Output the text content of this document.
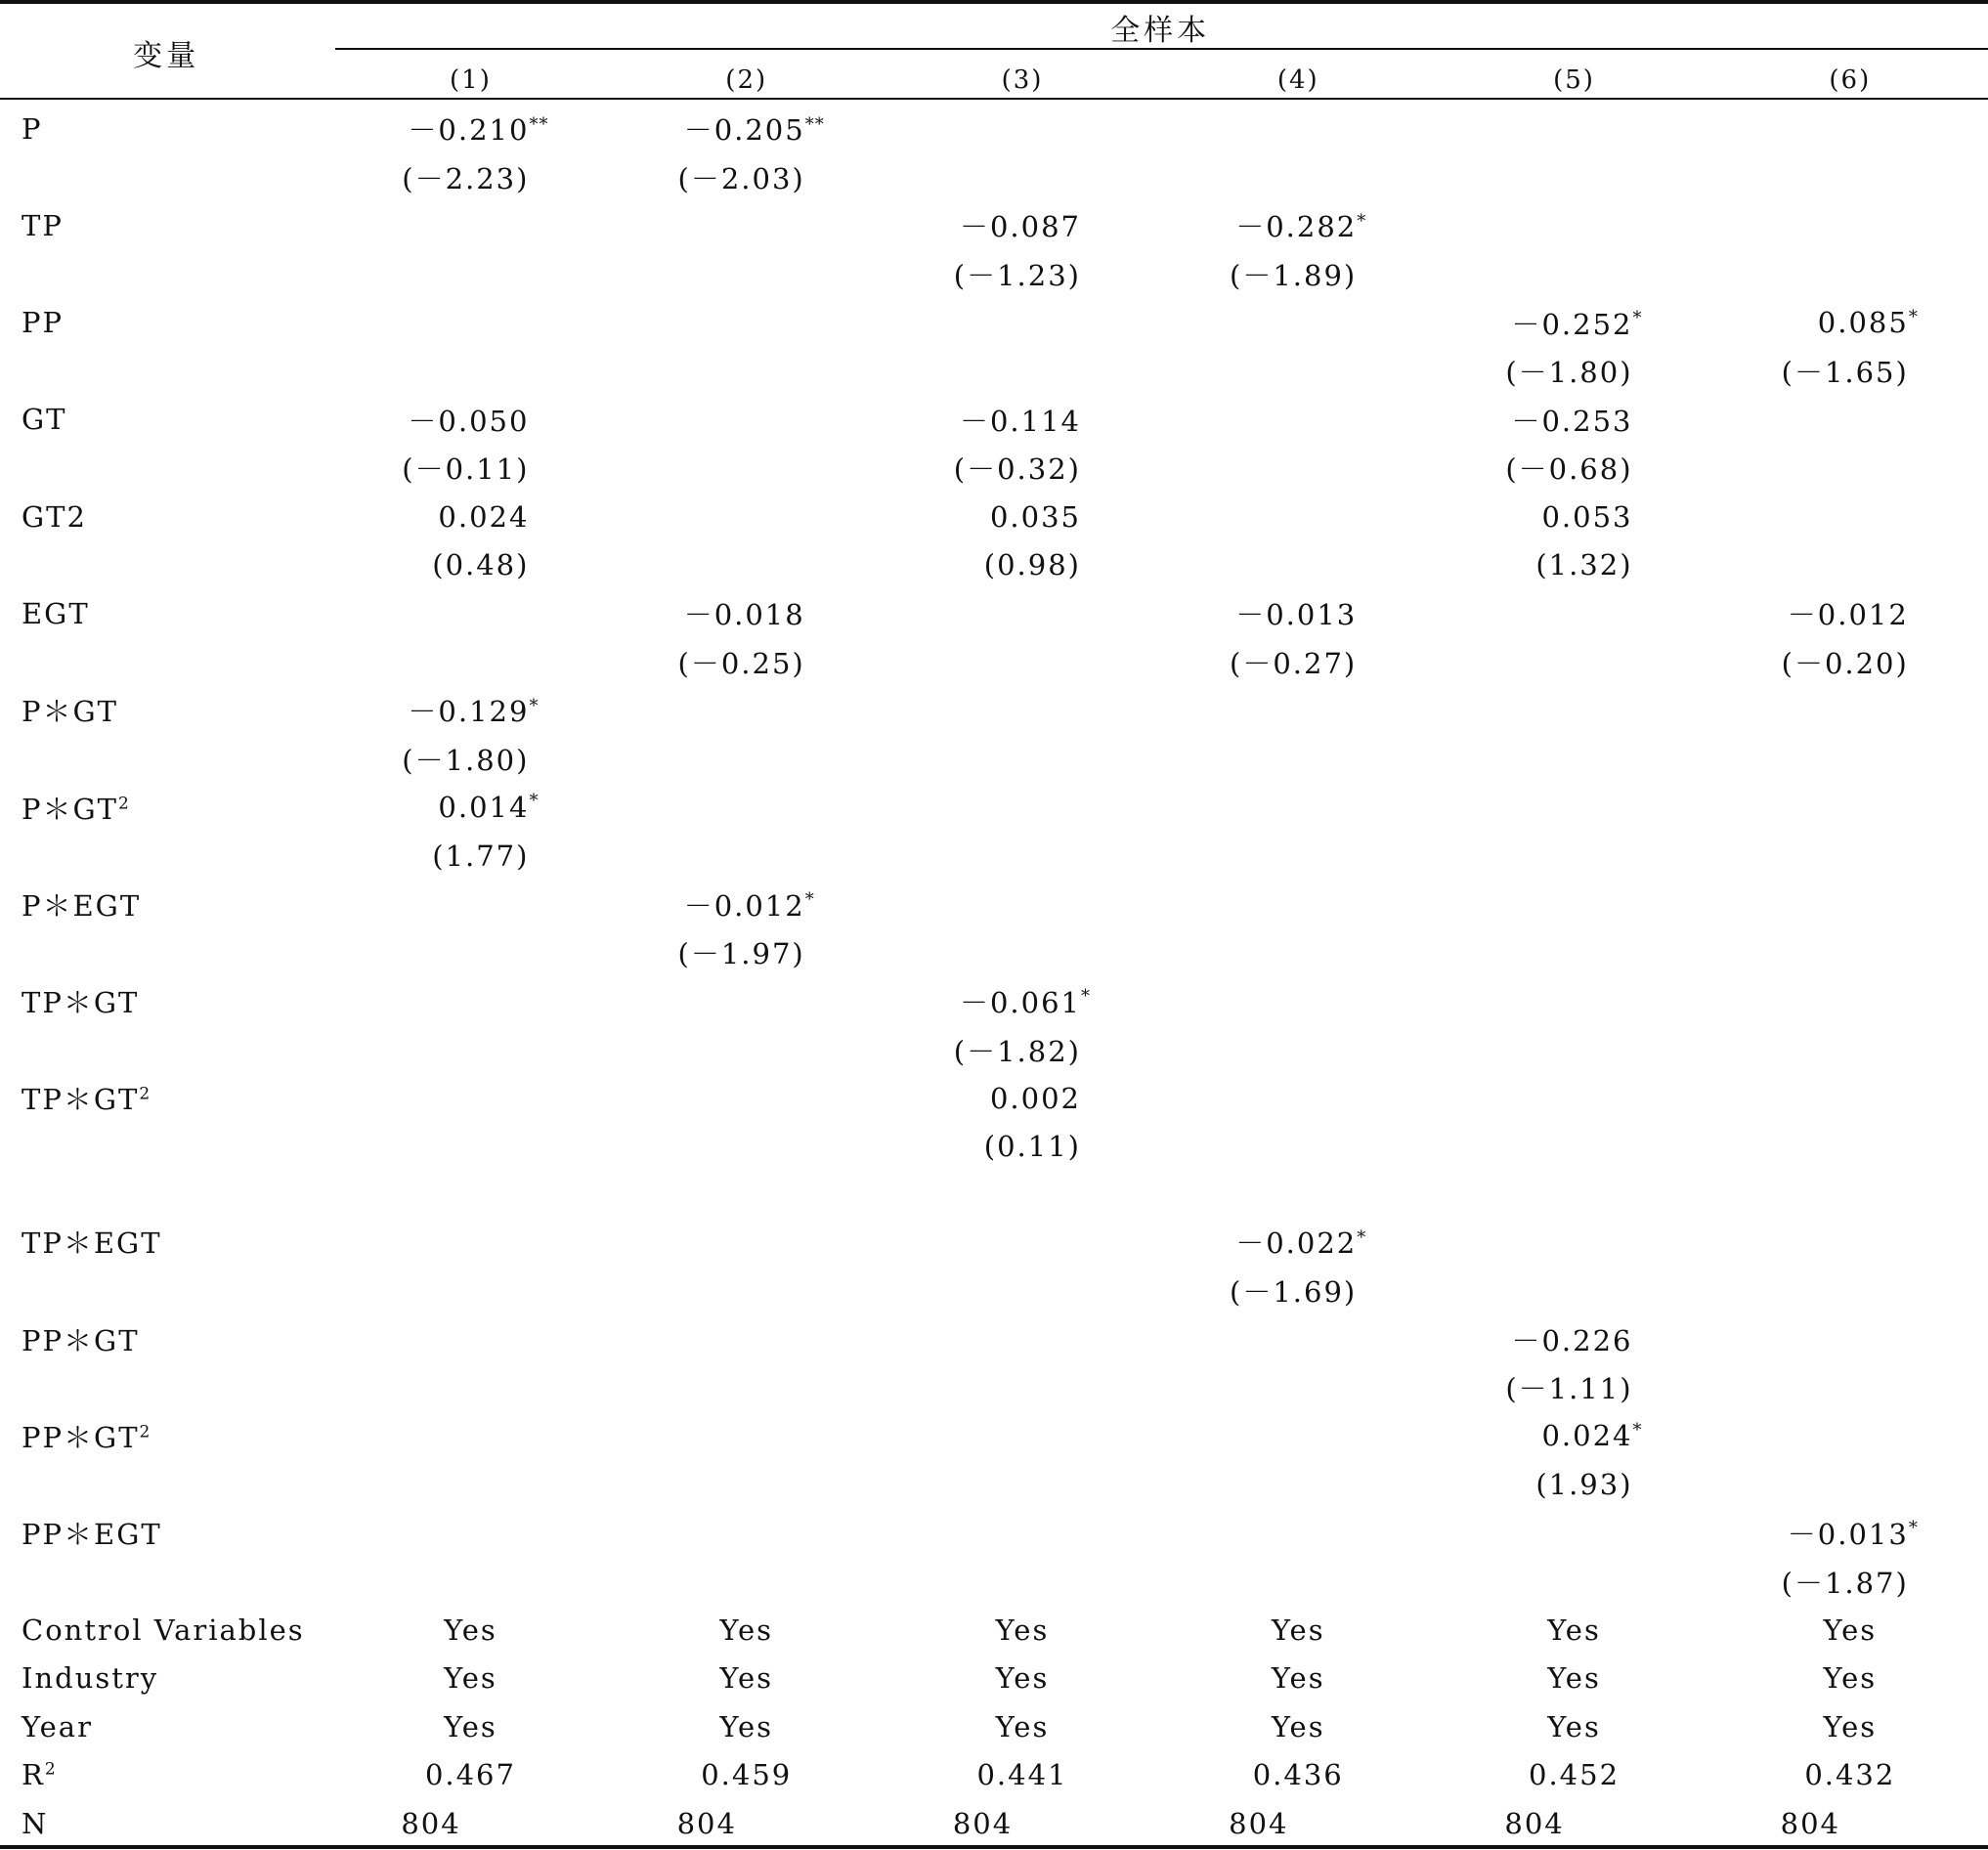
变量	全样本					
	(1)	(2)	(3)	(4)	(5)	(6)
P	－0.210**	－0.205**				
	(－2.23)	(－2.03)				
TP			－0.087	－0.282*		
			(－1.23)	(－1.89)		
PP					－0.252*	0.085*
					(－1.80)	(－1.65)
GT	－0.050		－0.114		－0.253	
	(－0.11)		(－0.32)		(－0.68)	
GT2	0.024		0.035		0.053	
	(0.48)		(0.98)		(1.32)	
EGT		－0.018		－0.013		－0.012
		(－0.25)		(－0.27)		(－0.20)
P＊GT	－0.129*					
	(－1.80)					
$P*GT^2$	0.014*					
	(1.77)					
P＊EGT		－0.012*				
		(－1.97)				
TP＊GT			－0.061*			
			(－1.82)			
$TP*GT^2$			0.002			
			(0.11)			

TP＊EGT				－0.022*		
				(－1.69)		
PP＊GT					－0.226	
					(－1.11)	
$PP*GT^2$					0.024*	
					(1.93)	
PP＊EGT						－0.013*
						(－1.87)
Control Variables	Yes	Yes	Yes	Yes	Yes	Yes
Industry	Yes	Yes	Yes	Yes	Yes	Yes
Year	Yes	Yes	Yes	Yes	Yes	Yes
$R^2$	0.467	0.459	0.441	0.436	0.452	0.432
N	804	804	804	804	804	804
